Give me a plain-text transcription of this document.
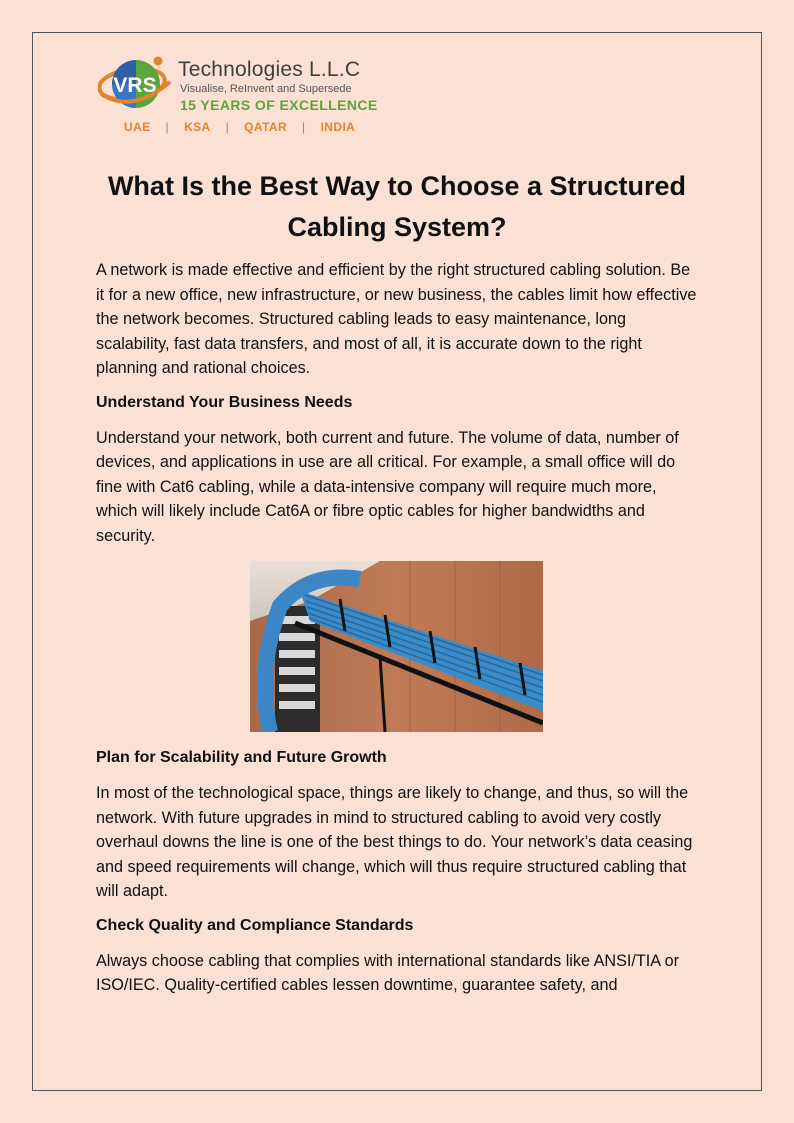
VRS
Technologies L.L.C
Visualise, ReInvent and Supersede
15 YEARS OF EXCELLENCE
UAE | KSA | QATAR | INDIA
What Is the Best Way to Choose a Structured Cabling System?

A network is made effective and efficient by the right structured cabling solution. Be it for a new office, new infrastructure, or new business, the cables limit how effective the network becomes. Structured cabling leads to easy maintenance, long scalability, fast data transfers, and most of all, it is accurate down to the right planning and rational choices.

Understand Your Business Needs

Understand your network, both current and future. The volume of data, number of devices, and applications in use are all critical. For example, a small office will do fine with Cat6 cabling, while a data-intensive company will require much more, which will likely include Cat6A or fibre optic cables for higher bandwidths and security.

Plan for Scalability and Future Growth

In most of the technological space, things are likely to change, and thus, so will the network. With future upgrades in mind to structured cabling to avoid very costly overhaul downs the line is one of the best things to do. Your network’s data ceasing and speed requirements will change, which will thus require structured cabling that will adapt.

Check Quality and Compliance Standards

Always choose cabling that complies with international standards like ANSI/TIA or ISO/IEC. Quality-certified cables lessen downtime, guarantee safety, and
